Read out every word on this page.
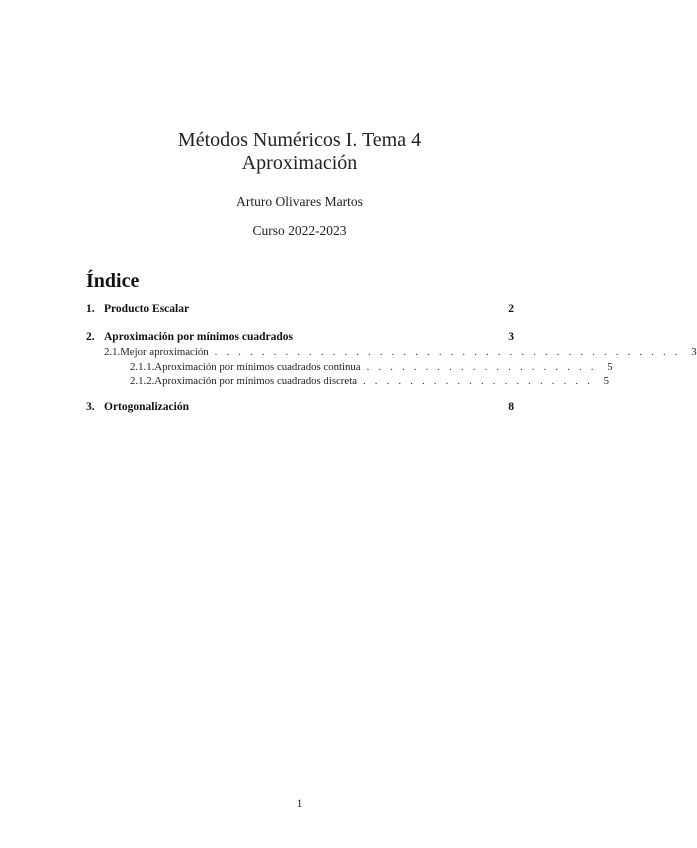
Métodos Numéricos I. Tema 4
Aproximación
Arturo Olivares Martos
Curso 2022-2023
Índice
1. Producto Escalar	2
2. Aproximación por mínimos cuadrados	3
2.1. Mejor aproximación . . . . . . . . . . . . . . . . . . . . . . . . . . . . . . . . . . . . . . . . 3
2.1.1. Aproximación por mínimos cuadrados continua . . . . . . . . . . . . . . . . . . . . 5
2.1.2. Aproximación por mínimos cuadrados discreta . . . . . . . . . . . . . . . . . . . . 5
3. Ortogonalización	8
1
